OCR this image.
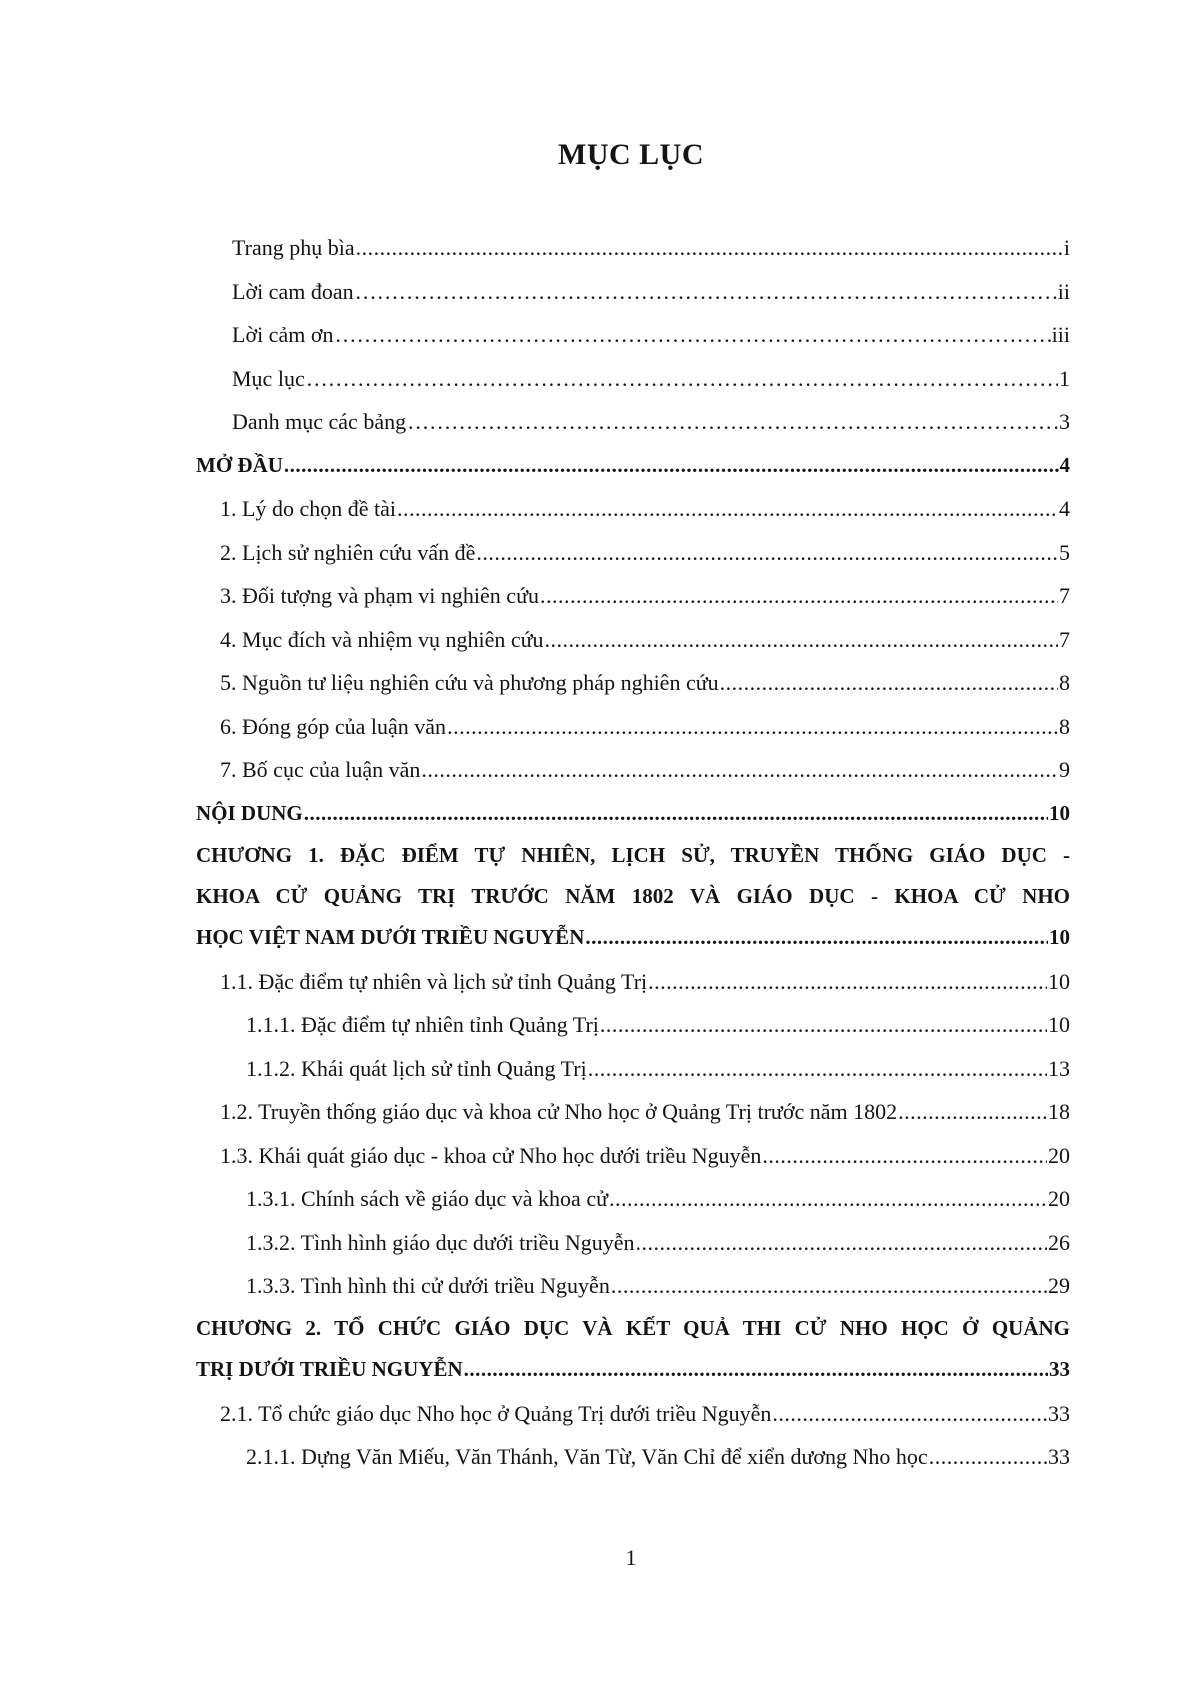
MỤC LỤC
Trang phụ bìa .....	i
Lời cam đoan …………………………………………………………………………………………………………………………………	ii
Lời cảm ơn …………………………………………………………………………………………………………………………………	iii
Mục lục …………………………………………………………………………………………………………………………………	1
Danh mục các bảng …………………………………………………………………………………………………………………………………	3
MỞ ĐẦU .....	4
1. Lý do chọn đề tài .....	4
2. Lịch sử nghiên cứu vấn đề .....	5
3. Đối tượng và phạm vi nghiên cứu .....	7
4. Mục đích và nhiệm vụ nghiên cứu .....	7
5. Nguồn tư liệu nghiên cứu và phương pháp nghiên cứu .....	8
6. Đóng góp của luận văn .....	8
7. Bố cục của luận văn .....	9
NỘI DUNG .....	10
CHƯƠNG 1. ĐẶC ĐIỂM TỰ NHIÊN, LỊCH SỬ, TRUYỀN THỐNG GIÁO DỤC -
KHOA CỬ QUẢNG TRỊ TRƯỚC NĂM 1802 VÀ GIÁO DỤC - KHOA CỬ NHO
HỌC VIỆT NAM DƯỚI TRIỀU NGUYỄN .....	10
1.1. Đặc điểm tự nhiên và lịch sử tỉnh Quảng Trị .....	10
1.1.1. Đặc điểm tự nhiên tỉnh Quảng Trị .....	10
1.1.2. Khái quát lịch sử tỉnh Quảng Trị .....	13
1.2. Truyền thống giáo dục và khoa cử Nho học ở Quảng Trị trước năm 1802 .....	18
1.3. Khái quát giáo dục - khoa cử Nho học dưới triều Nguyễn .....	20
1.3.1. Chính sách về giáo dục và khoa cử .....	20
1.3.2. Tình hình giáo dục dưới triều Nguyễn .....	26
1.3.3. Tình hình thi cử dưới triều Nguyễn .....	29
CHƯƠNG 2. TỔ CHỨC GIÁO DỤC VÀ KẾT QUẢ THI CỬ NHO HỌC Ở QUẢNG
TRỊ DƯỚI TRIỀU NGUYỄN .....	33
2.1. Tổ chức giáo dục Nho học ở Quảng Trị dưới triều Nguyễn .....	33
2.1.1. Dựng Văn Miếu, Văn Thánh, Văn Từ, Văn Chỉ để xiển dương Nho học .....	33
1
